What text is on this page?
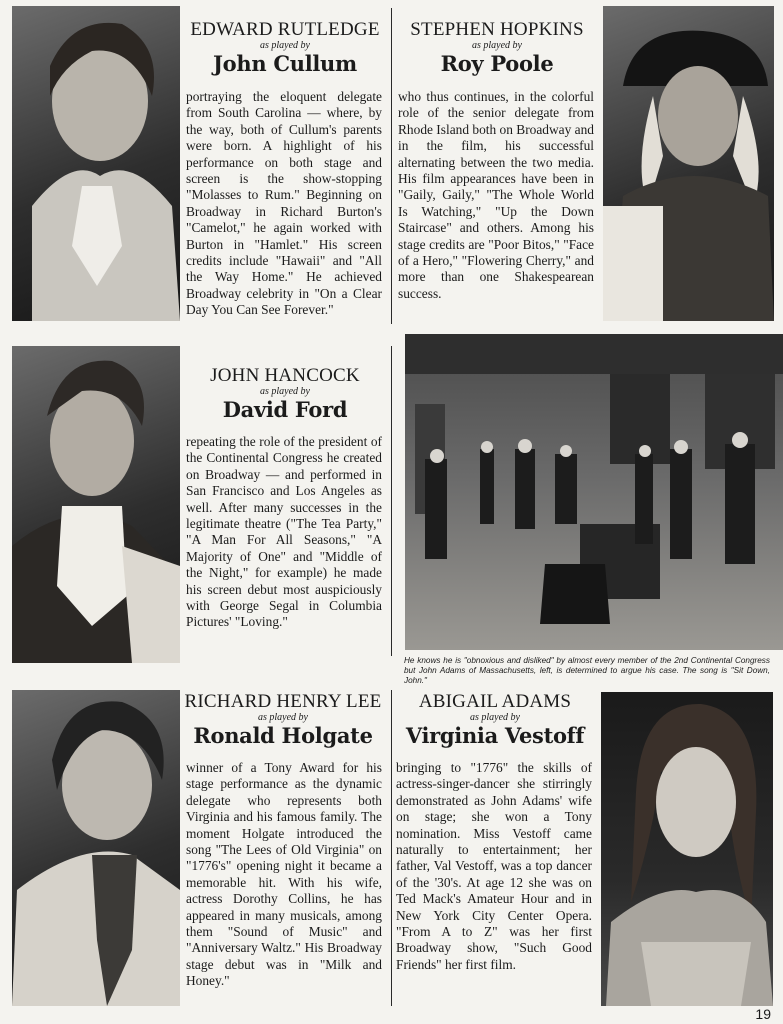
EDWARD RUTLEDGE
as played by
John Cullum
portraying the eloquent delegate from South Carolina — where, by the way, both of Cullum's parents were born. A highlight of his performance on both stage and screen is the show-stopping "Molasses to Rum." Beginning on Broadway in Richard Burton's "Camelot," he again worked with Burton in "Hamlet." His screen credits include "Hawaii" and "All the Way Home." He achieved Broadway celebrity in "On a Clear Day You Can See Forever."
STEPHEN HOPKINS
as played by
Roy Poole
who thus continues, in the colorful role of the senior delegate from Rhode Island both on Broadway and in the film, his successful alternating between the two media. His film appearances have been in "Gaily, Gaily," "The Whole World Is Watching," "Up the Down Staircase" and others. Among his stage credits are "Poor Bitos," "Face of a Hero," "Flowering Cherry," and more than one Shakespearean success.
JOHN HANCOCK
as played by
David Ford
repeating the role of the president of the Continental Congress he created on Broadway — and performed in San Francisco and Los Angeles as well. After many successes in the legitimate theatre ("The Tea Party," "A Man For All Seasons," "A Majority of One" and "Middle of the Night," for example) he made his screen debut most auspiciously with George Segal in Columbia Pictures' "Loving."
He knows he is "obnoxious and disliked" by almost every member of the 2nd Continental Congress but John Adams of Massachusetts, left, is determined to argue his case. The song is "Sit Down, John."
RICHARD HENRY LEE
as played by
Ronald Holgate
winner of a Tony Award for his stage performance as the dynamic delegate who represents both Virginia and his famous family. The moment Holgate introduced the song "The Lees of Old Virginia" on "1776's" opening night it became a memorable hit. With his wife, actress Dorothy Collins, he has appeared in many musicals, among them "Sound of Music" and "Anniversary Waltz." His Broadway stage debut was in "Milk and Honey."
ABIGAIL ADAMS
as played by
Virginia Vestoff
bringing to "1776" the skills of actress-singer-dancer she stirringly demonstrated as John Adams' wife on stage; she won a Tony nomination. Miss Vestoff came naturally to entertainment; her father, Val Vestoff, was a top dancer of the '30's. At age 12 she was on Ted Mack's Amateur Hour and in New York City Center Opera. "From A to Z" was her first Broadway show, "Such Good Friends" her first film.
19
